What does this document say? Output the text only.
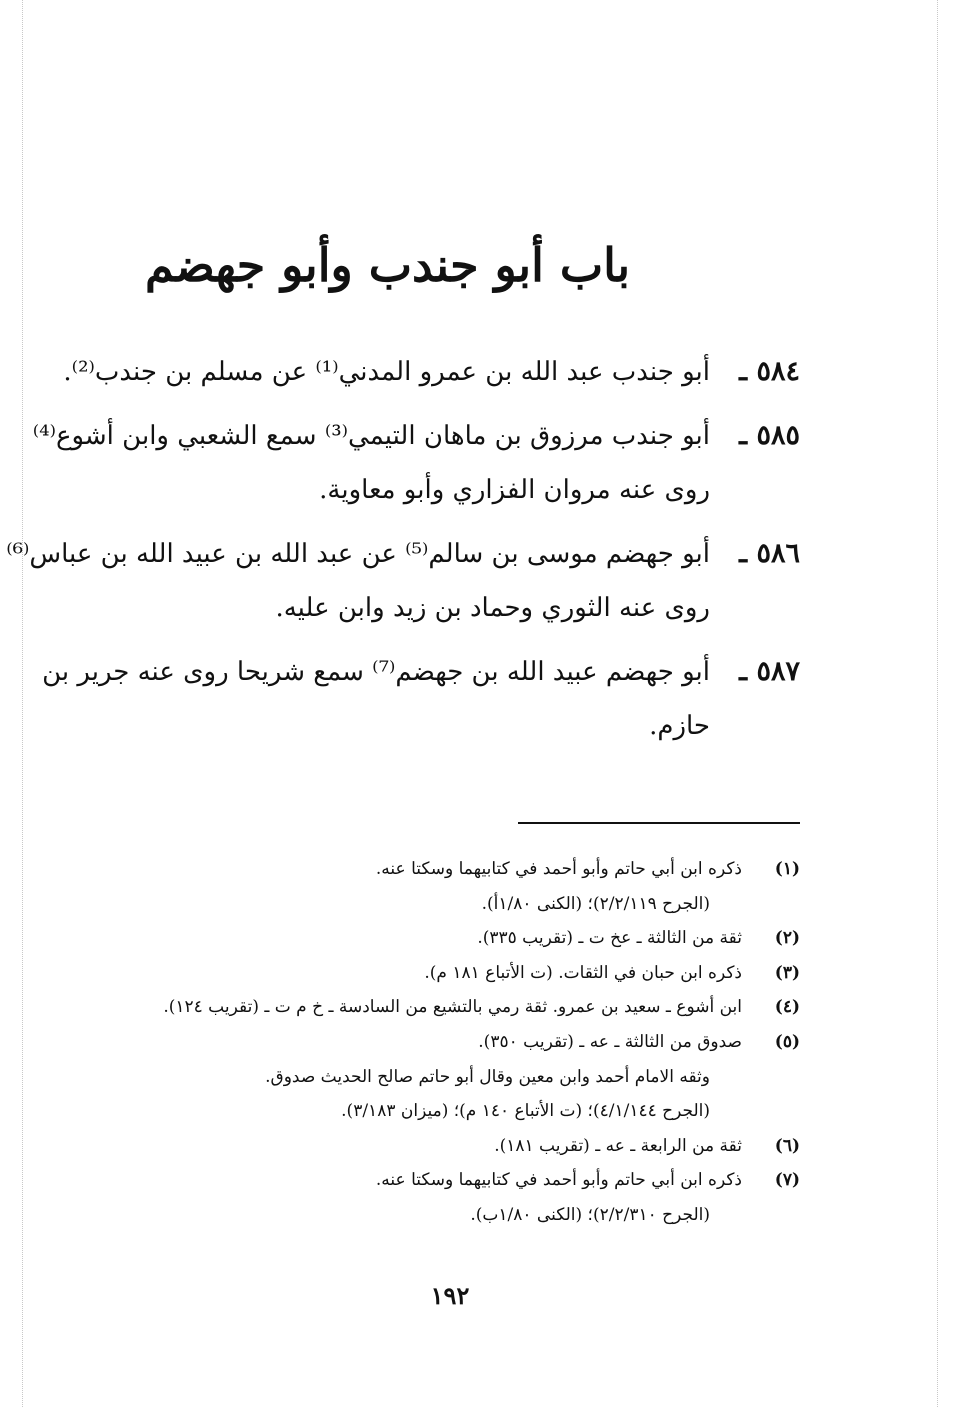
باب أبو جندب وأبو جهضم
٥٨٤ ـ
أبو جندب عبد الله بن عمرو المدني⁽¹⁾ عن مسلم بن جندب⁽²⁾.
٥٨٥ ـ
أبو جندب مرزوق بن ماهان التيمي⁽³⁾ سمع الشعبي وابن أشوع⁽⁴⁾
روى عنه مروان الفزاري وأبو معاوية.
٥٨٦ ـ
أبو جهضم موسى بن سالم⁽⁵⁾ عن عبد الله بن عبيد الله بن عباس⁽⁶⁾
روى عنه الثوري وحماد بن زيد وابن عليه.
٥٨٧ ـ
أبو جهضم عبيد الله بن جهضم⁽⁷⁾ سمع شريحا روى عنه جرير بن
حازم.
(١)
ذكره ابن أبي حاتم وأبو أحمد في كتابيهما وسكتا عنه.
(الجرح ٢/٢/١١٩)؛ (الكنى ١/٨٠أ).
(٢)
ثقة من الثالثة ـ عخ ت ـ (تقريب ٣٣٥).
(٣)
ذكره ابن حبان في الثقات. (ت الأتباع ١٨١ م).
(٤)
ابن أشوع ـ سعيد بن عمرو. ثقة رمي بالتشيع من السادسة ـ خ م ت ـ (تقريب ١٢٤).
(٥)
صدوق من الثالثة ـ عه ـ (تقريب ٣٥٠).
وثقه الامام أحمد وابن معين وقال أبو حاتم صالح الحديث صدوق.
(الجرح ٤/١/١٤٤)؛ (ت الأتباع ١٤٠ م)؛ (ميزان ٣/١٨٣).
(٦)
ثقة من الرابعة ـ عه ـ (تقريب ١٨١).
(٧)
ذكره ابن أبي حاتم وأبو أحمد في كتابيهما وسكتا عنه.
(الجرح ٢/٢/٣١٠)؛ (الكنى ١/٨٠ب).
١٩٢
